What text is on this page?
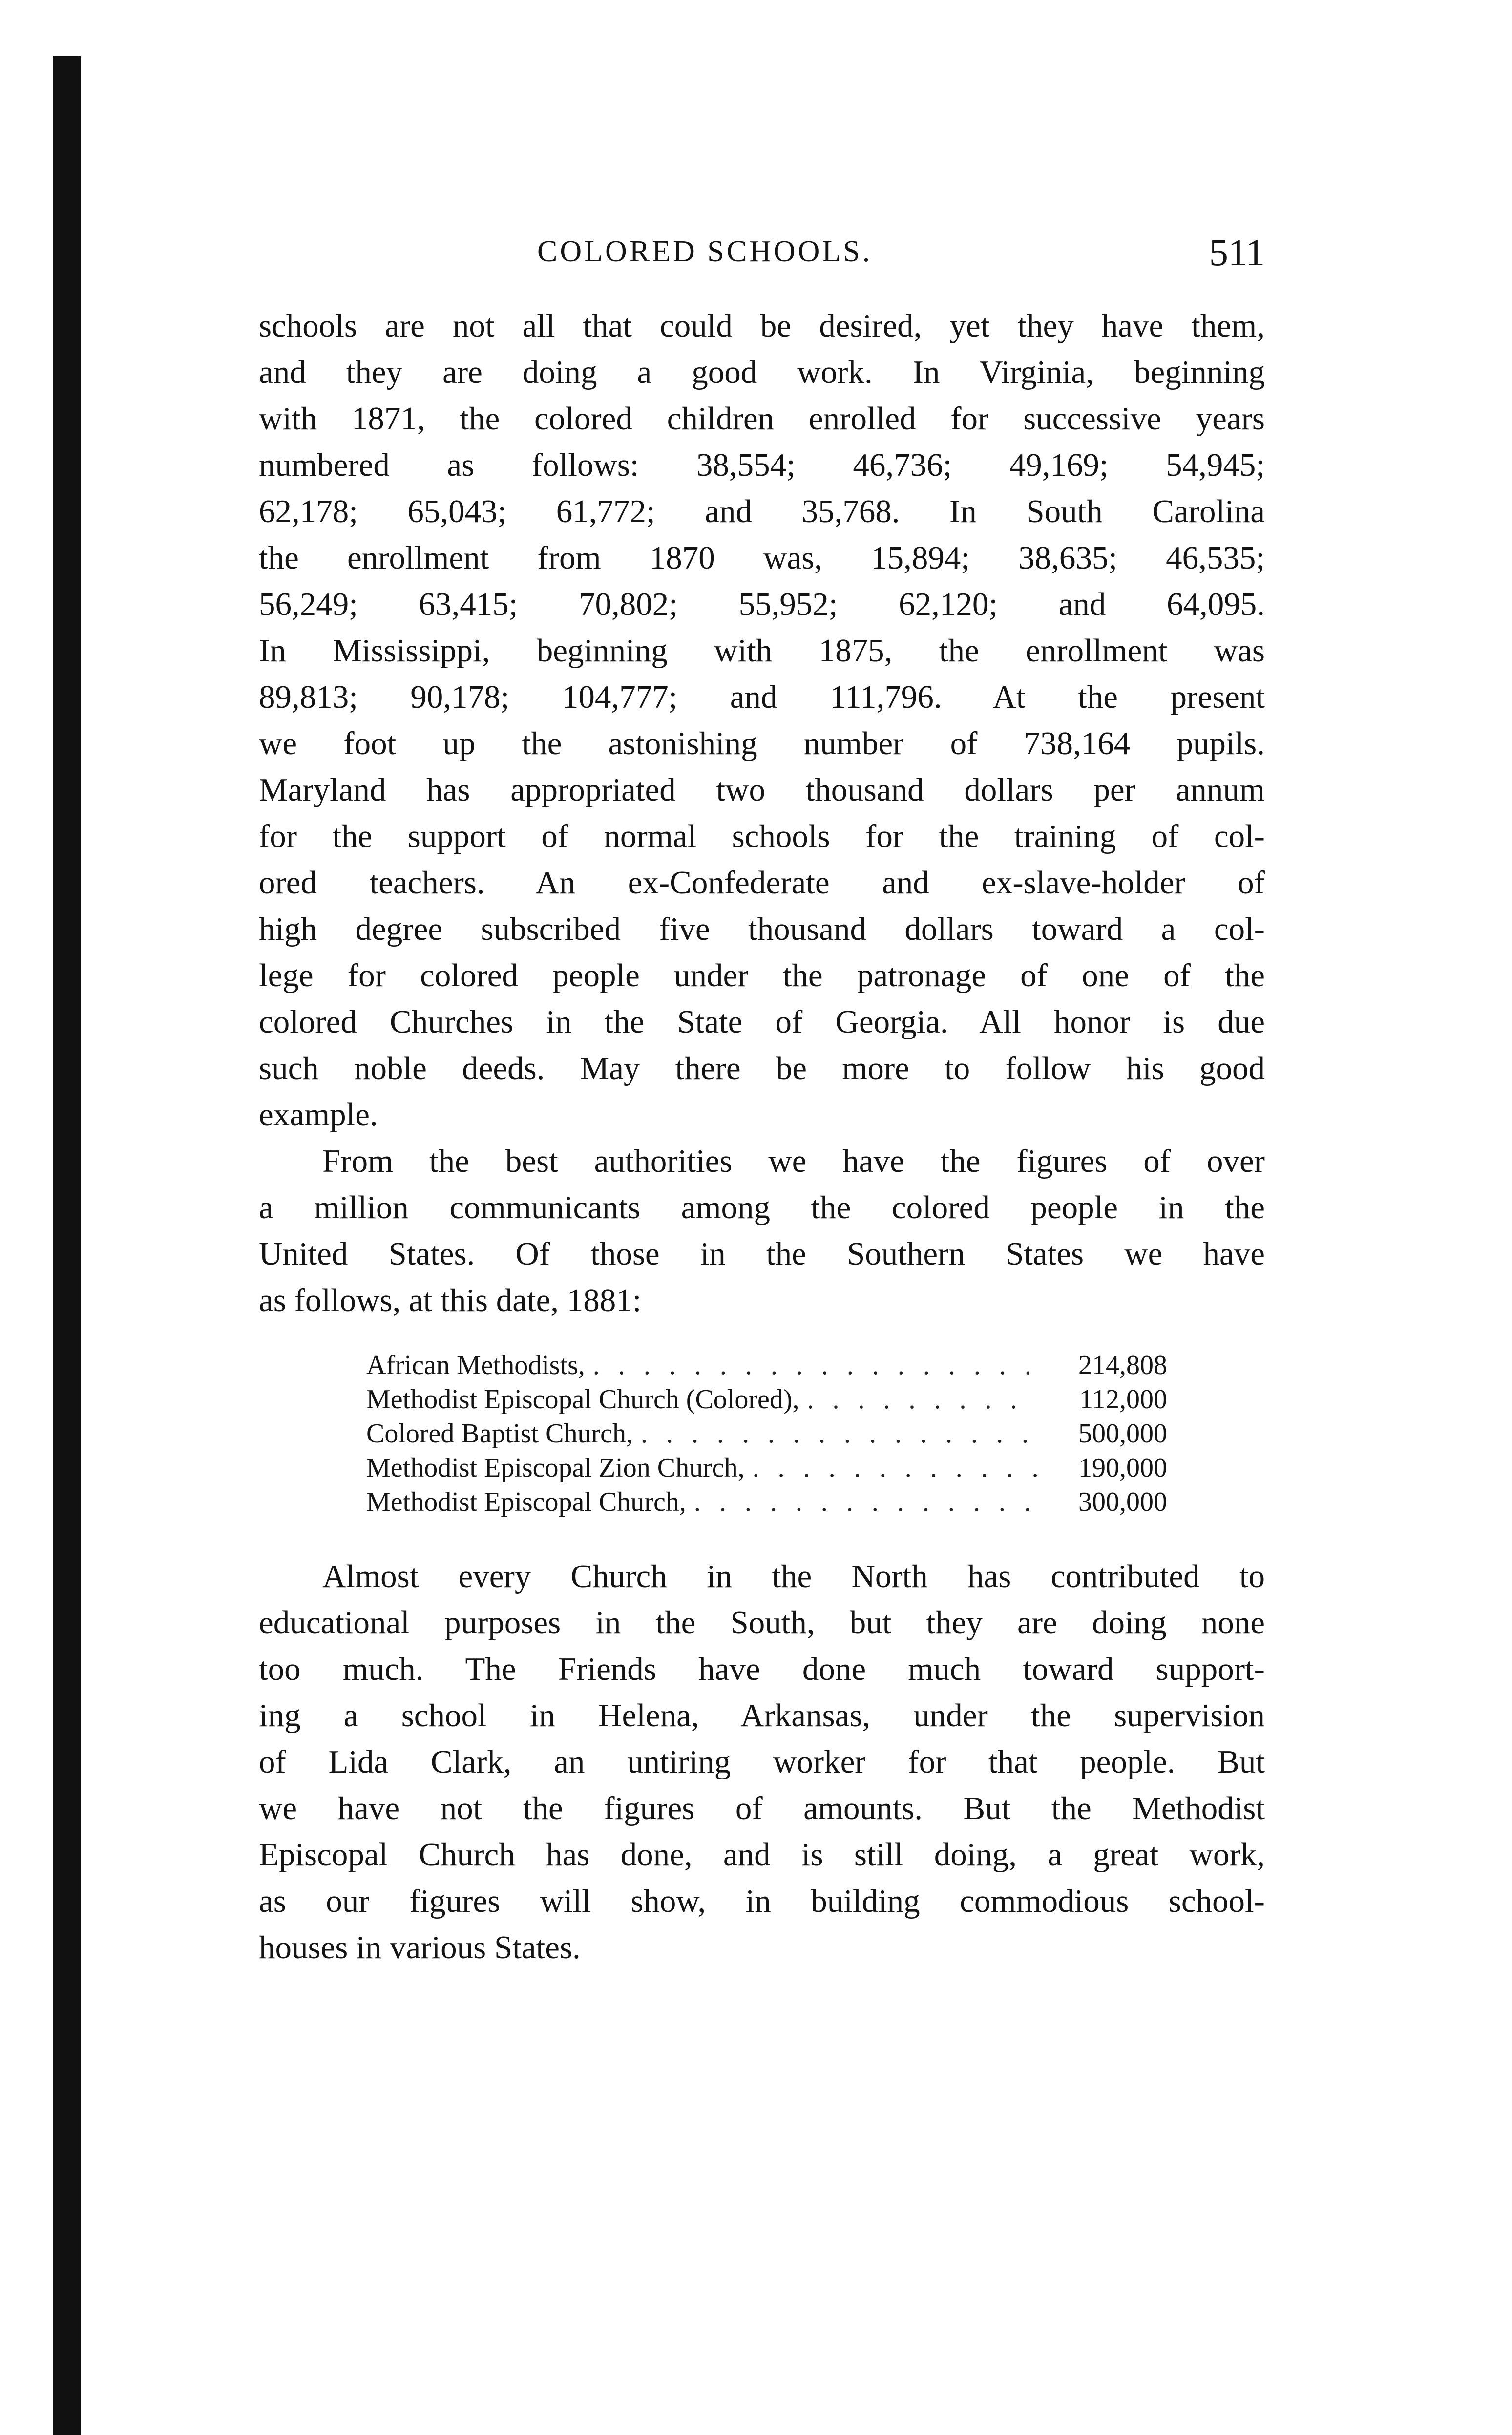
COLORED SCHOOLS.	511

schools are not all that could be desired, yet they have them,
and they are doing a good work. In Virginia, beginning
with 1871, the colored children enrolled for successive years
numbered as follows: 38,554; 46,736; 49,169; 54,945;
62,178; 65,043; 61,772; and 35,768. In South Carolina
the enrollment from 1870 was, 15,894; 38,635; 46,535;
56,249; 63,415; 70,802; 55,952; 62,120; and 64,095.
In Mississippi, beginning with 1875, the enrollment was
89,813; 90,178; 104,777; and 111,796. At the present
we foot up the astonishing number of 738,164 pupils.
Maryland has appropriated two thousand dollars per annum
for the support of normal schools for the training of col-
ored teachers. An ex-Confederate and ex-slave-holder of
high degree subscribed five thousand dollars toward a col-
lege for colored people under the patronage of one of the
colored Churches in the State of Georgia. All honor is due
such noble deeds. May there be more to follow his good
example.

From the best authorities we have the figures of over
a million communicants among the colored people in the
United States. Of those in the Southern States we have
as follows, at this date, 1881:

African Methodists, . . .	214,808
Methodist Episcopal Church (Colored), . . .	112,000
Colored Baptist Church, . . .	500,000
Methodist Episcopal Zion Church, . . .	190,000
Methodist Episcopal Church, . . .	300,000

Almost every Church in the North has contributed to
educational purposes in the South, but they are doing none
too much. The Friends have done much toward support-
ing a school in Helena, Arkansas, under the supervision
of Lida Clark, an untiring worker for that people. But
we have not the figures of amounts. But the Methodist
Episcopal Church has done, and is still doing, a great work,
as our figures will show, in building commodious school-
houses in various States.
